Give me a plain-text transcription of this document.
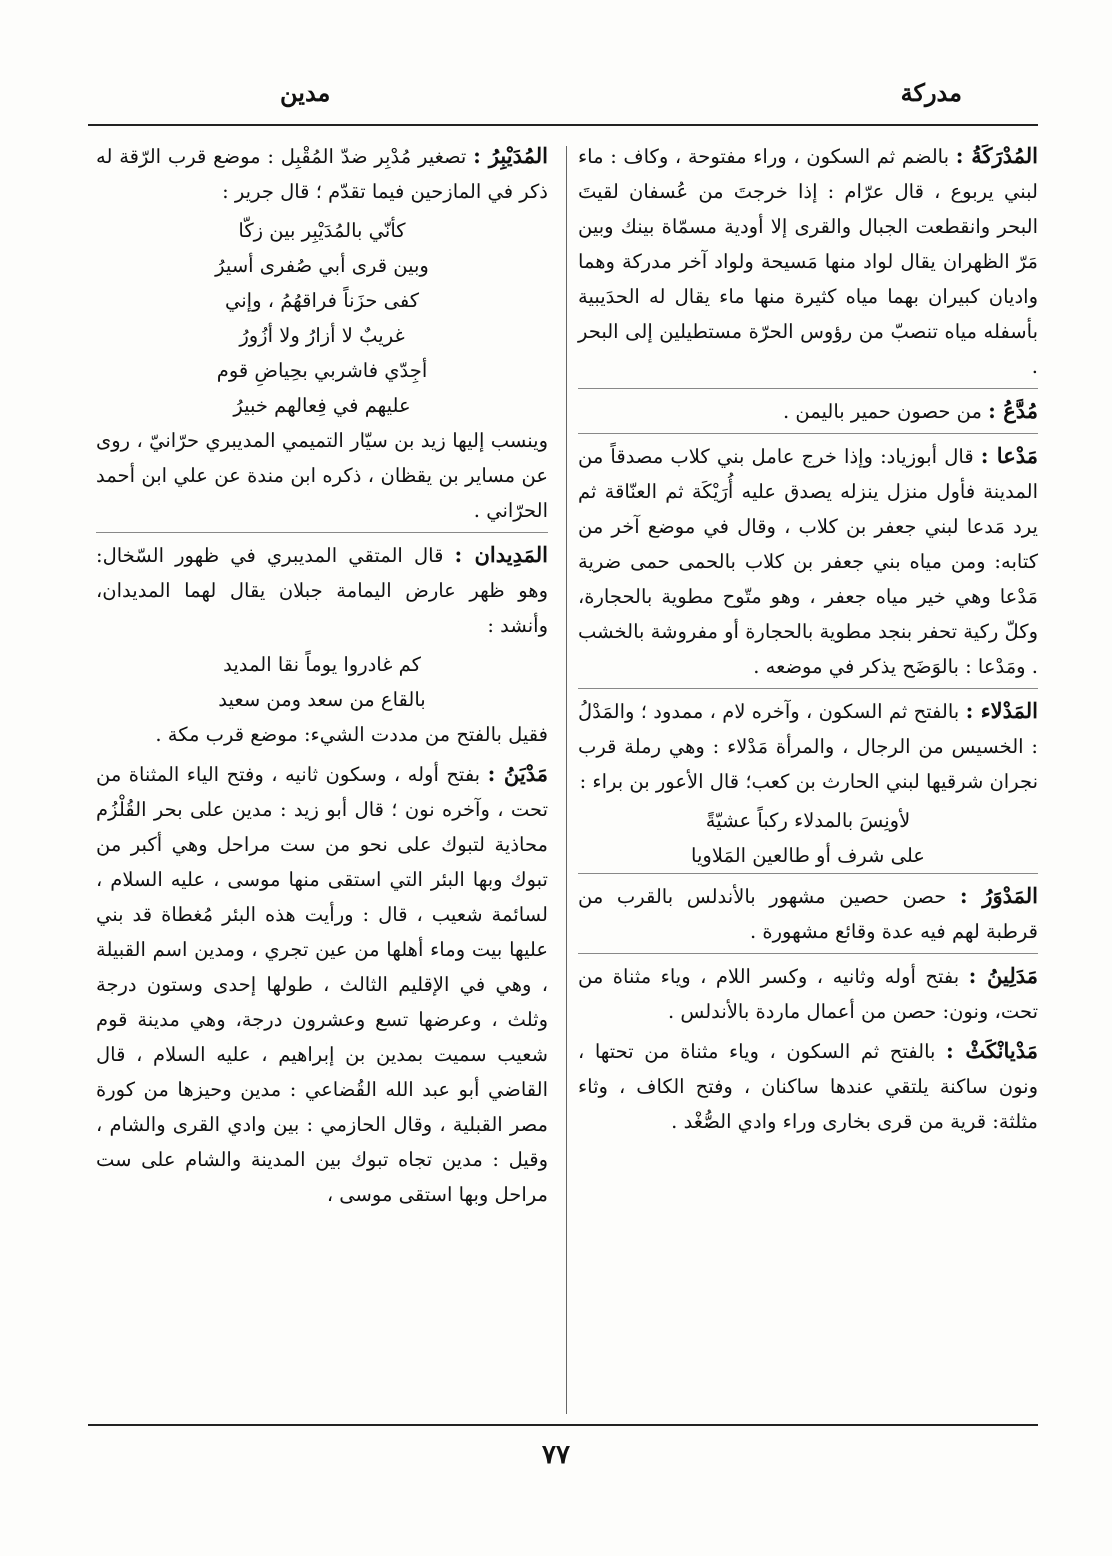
مدركة
مدين

المُدْرَكَةُ : بالضم ثم السكون ، وراء مفتوحة ، وكاف : ماء لبني يربوع ، قال عرّام : إذا خرجتَ من عُسفان لقيتَ البحر وانقطعت الجبال والقرى إلا أودية مسمّاة بينك وبين مَرّ الظهران يقال لواد منها مَسيحة ولواد آخر مدركة وهما واديان كبيران بهما مياه كثيرة منها ماء يقال له الحدَيبية بأسفله مياه تنصبّ من رؤوس الحرّة مستطيلين إلى البحر .

مُدَّعُ : من حصون حمير باليمن .

مَدْعا : قال أبوزياد: وإذا خرج عامل بني كلاب مصدقاً من المدينة فأول منزل ينزله يصدق عليه أُرَيْكَة ثم العنّاقة ثم يرد مَدعا لبني جعفر بن كلاب ، وقال في موضع آخر من كتابه: ومن مياه بني جعفر بن كلاب بالحمى حمى ضرية مَدْعا وهي خير مياه جعفر ، وهو متّوح مطوية بالحجارة، وكلّ ركية تحفر بنجد مطوية بالحجارة أو مفروشة بالخشب . ومَدْعا : بالوَضَح يذكر في موضعه .

المَدْلاء : بالفتح ثم السكون ، وآخره لام ، ممدود ؛ والمَدْلُ : الخسيس من الرجال ، والمرأة مَدْلاء : وهي رملة قرب نجران شرقيها لبني الحارث بن كعب؛ قال الأعور بن براء :

لأونِسَ بالمدلاء ركباً عشيّةً
على شرف أو طالعين المَلاويا

المَدْوَرُ : حصن حصين مشهور بالأندلس بالقرب من قرطبة لهم فيه عدة وقائع مشهورة .

مَدَلِينُ : بفتح أوله وثانيه ، وكسر اللام ، وياء مثناة من تحت، ونون: حصن من أعمال ماردة بالأندلس .

مَدْيانْكَثْ : بالفتح ثم السكون ، وياء مثناة من تحتها ، ونون ساكنة يلتقي عندها ساكنان ، وفتح الكاف ، وثاء مثلثة: قرية من قرى بخارى وراء وادي الصُّغْد .

المُدَيْبِرُ : تصغير مُدْبِر ضدّ المُقْبِل : موضع قرب الرّقة له ذكر في المازحين فيما تقدّم ؛ قال جرير :

كأنّي بالمُدَيْبِر بين زكّا
وبين قرى أبي صُفرى أسيرُ
كفى حزَناً فراقهُمُ ، وإني
غريبٌ لا أزارُ ولا أزُورُ
أجِدّي فاشربي بحِياضِ قوم
عليهم في فِعالهم خبيرُ

وينسب إليها زيد بن سيّار التميمي المديبري حرّانيّ ، روى عن مساير بن يقظان ، ذكره ابن مندة عن علي ابن أحمد الحرّاني .

المَدِيدان : قال المتقي المديبري في ظهور السّخال: وهو ظهر عارض اليمامة جبلان يقال لهما المديدان، وأنشد :

كم غادروا يوماً نقا المديد
بالقاع من سعد ومن سعيد

فقيل بالفتح من مددت الشيء: موضع قرب مكة .

مَدْيَنُ : بفتح أوله ، وسكون ثانيه ، وفتح الياء المثناة من تحت ، وآخره نون ؛ قال أبو زيد : مدين على بحر القُلْزُم محاذية لتبوك على نحو من ست مراحل وهي أكبر من تبوك وبها البئر التي استقى منها موسى ، عليه السلام ، لسائمة شعيب ، قال : ورأيت هذه البئر مُغطاة قد بني عليها بيت وماء أهلها من عين تجري ، ومدين اسم القبيلة ، وهي في الإقليم الثالث ، طولها إحدى وستون درجة وثلث ، وعرضها تسع وعشرون درجة، وهي مدينة قوم شعيب سميت بمدين بن إبراهيم ، عليه السلام ، قال القاضي أبو عبد الله القُضاعي : مدين وحيزها من كورة مصر القبلية ، وقال الحازمي : بين وادي القرى والشام ، وقيل : مدين تجاه تبوك بين المدينة والشام على ست مراحل وبها استقى موسى ،

٧٧
